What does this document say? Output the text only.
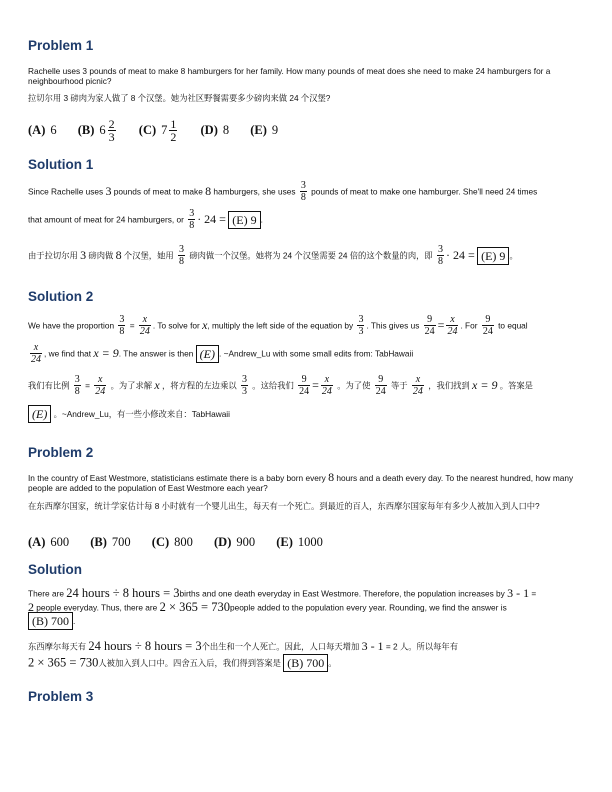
Problem 1

Rachelle uses 3 pounds of meat to make 8 hamburgers for her family. How many pounds of meat does she need to make 24 hamburgers for a neighbourhood picnic?

拉切尔用 3 磅肉为家人做了 8 个汉堡。她为社区野餐需要多少磅肉来做 24 个汉堡?

(A) 6
(B) $6 \frac{2}{3}$
(C) $7 \frac{1}{2}$
(D) 8
(E) 9
Solution 1
Since Rachelle uses 3 pounds of meat to make 8 hamburgers, she uses $\frac{3}{8}$ pounds of meat to make one hamburger. She'll need 24 times
that amount of meat for 24 hamburgers, or $\frac{3}{8} \cdot 24 = (E)$ 9 .
由于拉切尔用 3 磅肉做 8 个汉堡，她用 $\frac{3}{8}$ 磅肉做一个汉堡。她将为 24 个汉堡需要 24 倍的这个数量的肉，即 $\frac{3}{8} \cdot 24 = (E)$ 9 。
Solution 2
We have the proportion $\frac{3}{8} = \frac{x}{24}$ . To solve for x, multiply the left side of the equation by $\frac{3}{3}$ . This gives us $\frac{9}{24} = \frac{x}{24}$ . For $\frac{9}{24}$ to equal
$\frac{x}{24}$ , we find that x = 9. The answer is then (E) . ~Andrew_Lu with some small edits from: TabHawaii
我们有比例 $\frac{3}{8} = \frac{x}{24}$ 。为了求解 x ，将方程的左边乘以 $\frac{3}{3}$ 。这给我们 $\frac{9}{24} = \frac{x}{24}$ 。为了使 $\frac{9}{24}$ 等于 $\frac{x}{24}$ ，我们找到 x = 9 。答案是
(E) 。~Andrew_Lu，有一些小修改来自：TabHawaii
Problem 2

In the country of East Westmore, statisticians estimate there is a baby born every 8 hours and a death every day. To the nearest hundred, how many people are added to the population of East Westmore each year?

在东西摩尔国家，统计学家估计每 8 小时就有一个婴儿出生，每天有一个死亡。到最近的百人，东西摩尔国家每年有多少人被加入到人口中?

(A) 600
(B) 700
(C) 800
(D) 900
(E) 1000
Solution
There are 24 hours ÷ 8 hours = 3births and one death everyday in East Westmore. Therefore, the population increases by 3 - 1 =
2 people everyday. Thus, there are 2 × 365 = 730people added to the population every year. Rounding, we find the answer is
(B) 700 .
东西摩尔每天有 24 hours ÷ 8 hours = 3个出生和一个人死亡。因此，人口每天增加 3 - 1 = 2 人。所以每年有
2 × 365 = 730人被加入到人口中。四舍五入后，我们得到答案是 (B) 700 。
Problem 3
